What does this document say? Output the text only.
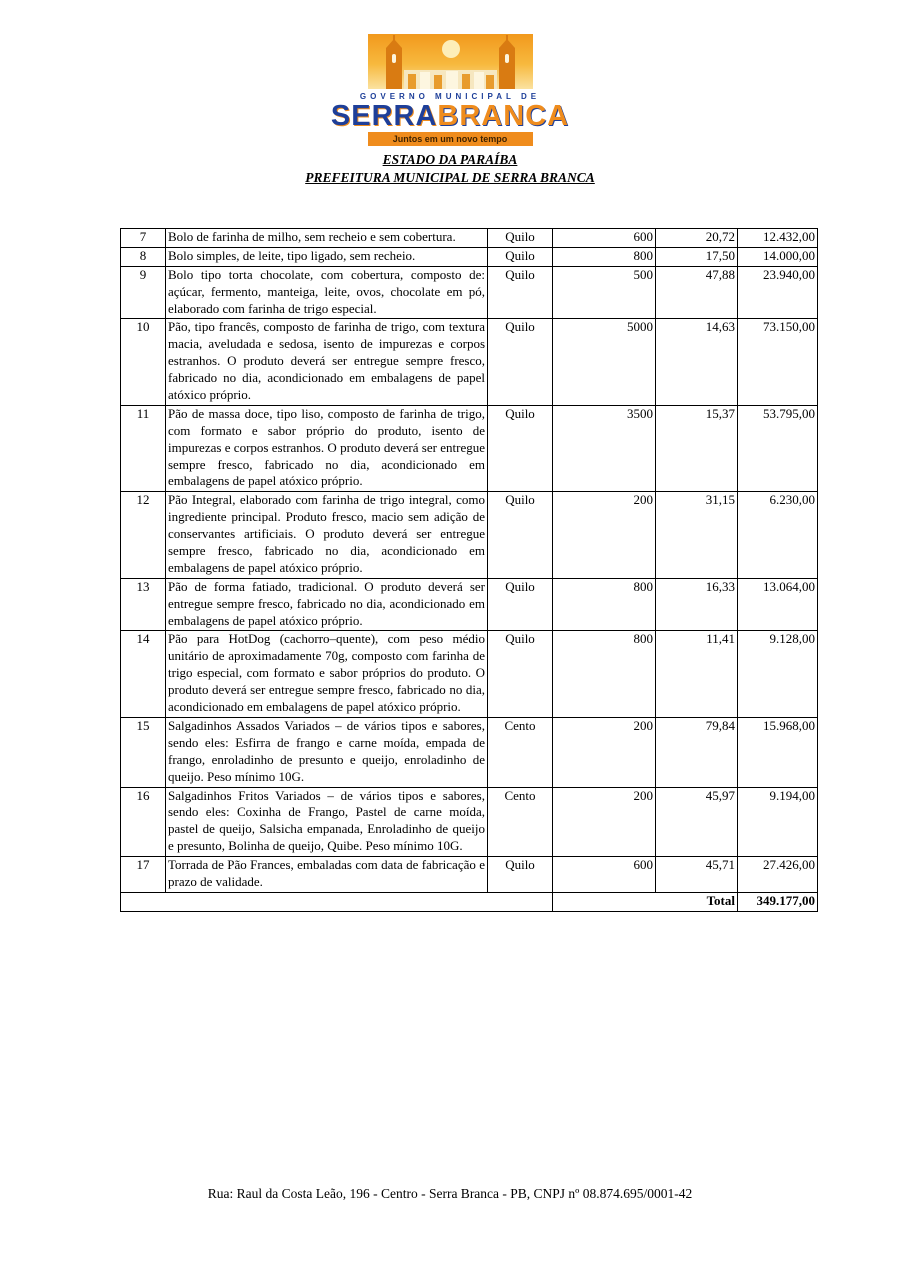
GOVERNO MUNICIPAL DE
SERRABRANCA
Juntos em um novo tempo
ESTADO DA PARAÍBA
PREFEITURA MUNICIPAL DE SERRA BRANCA
7	Bolo de farinha de milho, sem recheio e sem cobertura.	Quilo	600	20,72	12.432,00
8	Bolo simples, de leite, tipo ligado, sem recheio.	Quilo	800	17,50	14.000,00
9	Bolo tipo torta chocolate, com cobertura, composto de: açúcar, fermento, manteiga, leite, ovos, chocolate em pó, elaborado com farinha de trigo especial.	Quilo	500	47,88	23.940,00
10	Pão, tipo francês, composto de farinha de trigo, com textura macia, aveludada e sedosa, isento de impurezas e corpos estranhos. O produto deverá ser entregue sempre fresco, fabricado no dia, acondicionado em embalagens de papel atóxico próprio.	Quilo	5000	14,63	73.150,00
11	Pão de massa doce, tipo liso, composto de farinha de trigo, com formato e sabor próprio do produto, isento de impurezas e corpos estranhos. O produto deverá ser entregue sempre fresco, fabricado no dia, acondicionado em embalagens de papel atóxico próprio.	Quilo	3500	15,37	53.795,00
12	Pão Integral, elaborado com farinha de trigo integral, como ingrediente principal. Produto fresco, macio sem adição de conservantes artificiais. O produto deverá ser entregue sempre fresco, fabricado no dia, acondicionado em embalagens de papel atóxico próprio.	Quilo	200	31,15	6.230,00
13	Pão de forma fatiado, tradicional. O produto deverá ser entregue sempre fresco, fabricado no dia, acondicionado em embalagens de papel atóxico próprio.	Quilo	800	16,33	13.064,00
14	Pão para HotDog (cachorro–quente), com peso médio unitário de aproximadamente 70g, composto com farinha de trigo especial, com formato e sabor próprios do produto. O produto deverá ser entregue sempre fresco, fabricado no dia, acondicionado em embalagens de papel atóxico próprio.	Quilo	800	11,41	9.128,00
15	Salgadinhos Assados Variados – de vários tipos e sabores, sendo eles: Esfirra de frango e carne moída, empada de frango, enroladinho de presunto e queijo, enroladinho de queijo. Peso mínimo 10G.	Cento	200	79,84	15.968,00
16	Salgadinhos Fritos Variados – de vários tipos e sabores, sendo eles: Coxinha de Frango, Pastel de carne moída, pastel de queijo, Salsicha empanada, Enroladinho de queijo e presunto, Bolinha de queijo, Quibe. Peso mínimo 10G.	Cento	200	45,97	9.194,00
17	Torrada de Pão Frances, embaladas com data de fabricação e prazo de validade.	Quilo	600	45,71	27.426,00
			Total		349.177,00
Rua: Raul da Costa Leão, 196 - Centro - Serra Branca - PB, CNPJ nº 08.874.695/0001-42
